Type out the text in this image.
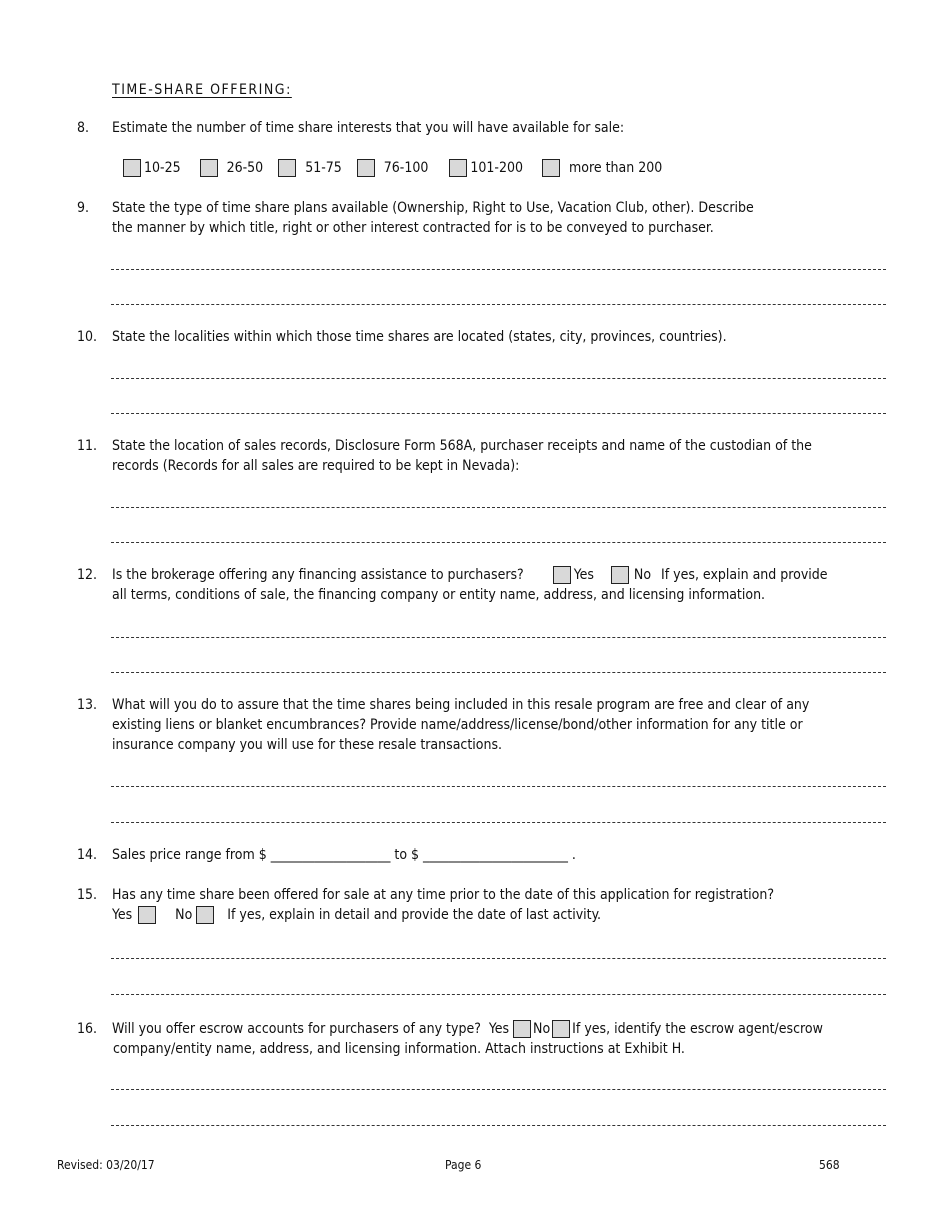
TIME-SHARE OFFERING:
8.	Estimate the number of time share interests that you will have available for sale:
10-25	26-50	51-75	76-100	101-200	more than 200
9.	State the type of time share plans available (Ownership, Right to Use, Vacation Club, other). Describe
the manner by which title, right or other interest contracted for is to be conveyed to purchaser.
10.	State the localities within which those time shares are located (states, city, provinces, countries).
11.	State the location of sales records, Disclosure Form 568A, purchaser receipts and name of the custodian of the
records (Records for all sales are required to be kept in Nevada):
12.	Is the brokerage offering any financing assistance to purchasers?	Yes	No If yes, explain and provide
all terms, conditions of sale, the financing company or entity name, address, and licensing information.
13.	What will you do to assure that the time shares being included in this resale program are free and clear of any
existing liens or blanket encumbrances? Provide name/address/license/bond/other information for any title or
insurance company you will use for these resale transactions.
14.	Sales price range from $ ___________________ to $ _______________________ .
15.	Has any time share been offered for sale at any time prior to the date of this application for registration?
Yes	No	If yes, explain in detail and provide the date of last activity.
16.	Will you offer escrow accounts for purchasers of any type? Yes No If yes, identify the escrow agent/escrow
company/entity name, address, and licensing information. Attach instructions at Exhibit H.
Revised: 03/20/17	Page 6	568
